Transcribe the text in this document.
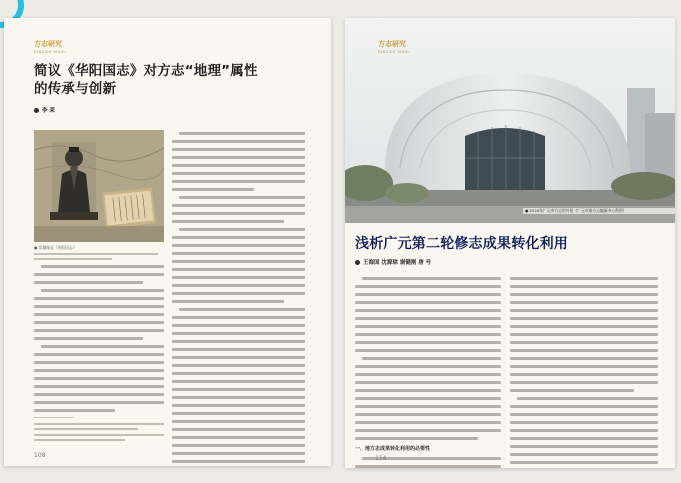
方志研究
FANGZHI YANJIU
简议《华阳国志》对方志“地理”属性
的传承与创新
李 茉
● 常璩像及《华阳国志》
108
方志研究
FANGZHI YANJIU
● 2020年广元市方志馆外景（广元市地方志编纂中心供图）
浅析广元第二轮修志成果转化利用
王海国 沈源琼 谢健刚 唐 号
一、地方志成果转化利用的必要性
114
